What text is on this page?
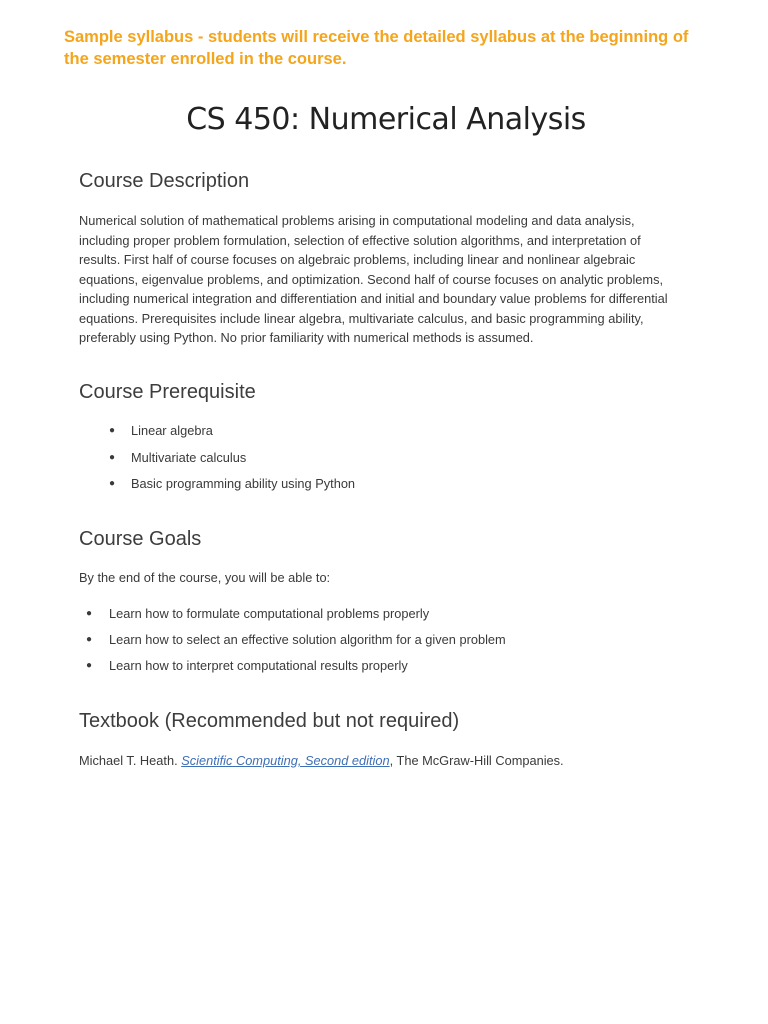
Sample syllabus - students will receive the detailed syllabus at the beginning of
the semester enrolled in the course.

CS 450: Numerical Analysis
Course Description

Numerical solution of mathematical problems arising in computational modeling and data analysis,
including proper problem formulation, selection of effective solution algorithms, and interpretation of
results. First half of course focuses on algebraic problems, including linear and nonlinear algebraic
equations, eigenvalue problems, and optimization. Second half of course focuses on analytic problems,
including numerical integration and differentiation and initial and boundary value problems for differential
equations. Prerequisites include linear algebra, multivariate calculus, and basic programming ability,
preferably using Python. No prior familiarity with numerical methods is assumed.

Course Prerequisite
● Linear algebra
● Multivariate calculus
● Basic programming ability using Python
Course Goals

By the end of the course, you will be able to:

● Learn how to formulate computational problems properly
● Learn how to select an effective solution algorithm for a given problem
● Learn how to interpret computational results properly
Textbook (Recommended but not required)

Michael T. Heath. Scientific Computing, Second edition, The McGraw-Hill Companies.
